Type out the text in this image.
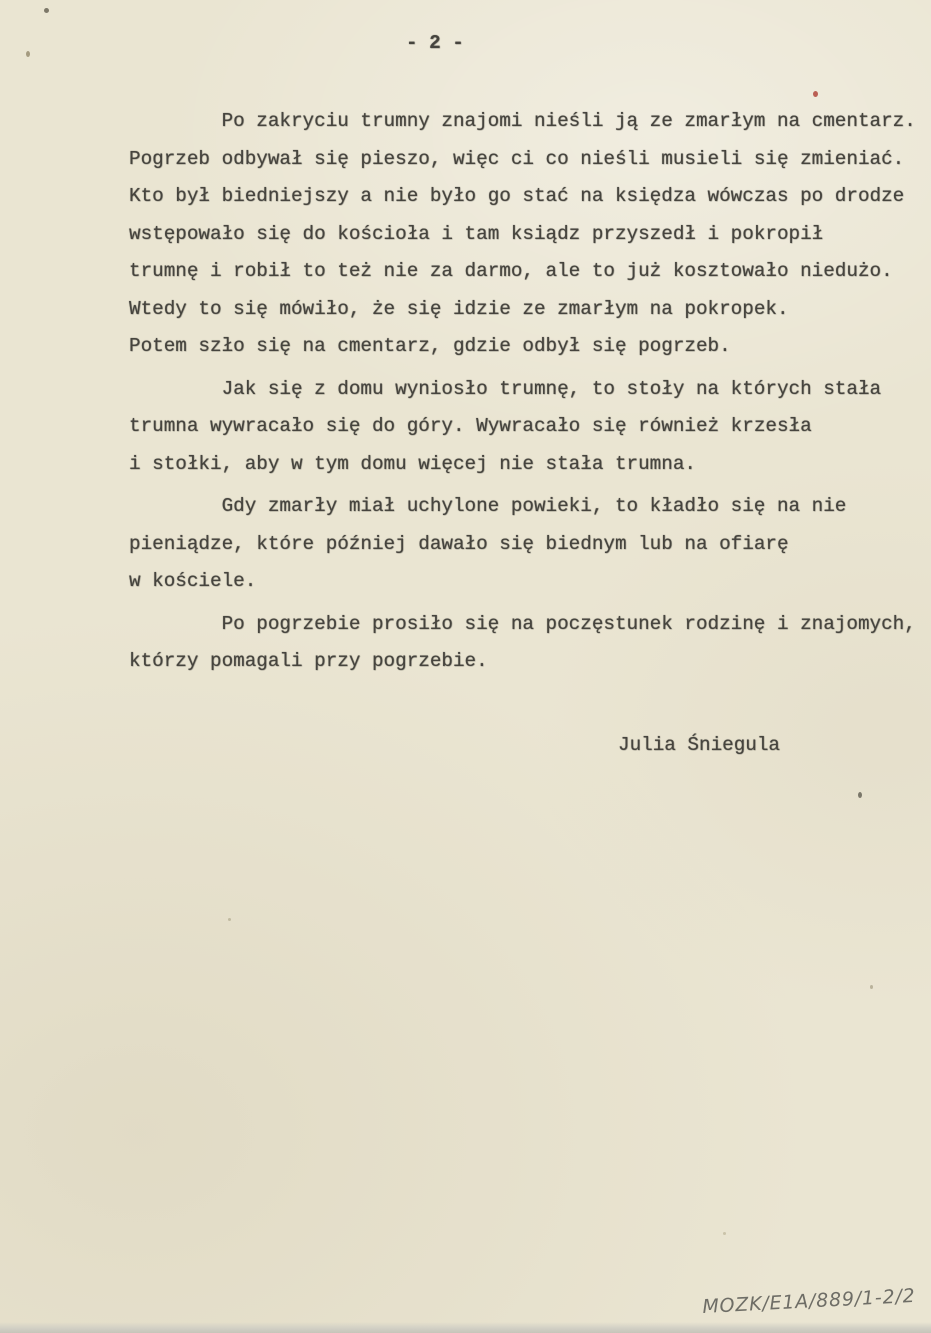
- 2 -
Po zakryciu trumny znajomi nieśli ją ze zmarłym na cmentarz.
Pogrzeb odbywał się pieszo, więc ci co nieśli musieli się zmieniać.
Kto był biedniejszy a nie było go stać na księdza wówczas po drodze
wstępowało się do kościoła i tam ksiądz przyszedł i pokropił
trumnę i robił to też nie za darmo, ale to już kosztowało niedużo.
Wtedy to się mówiło, że się idzie ze zmarłym na pokropek.
Potem szło się na cmentarz, gdzie odbył się pogrzeb.
Jak się z domu wyniosło trumnę, to stoły na których stała
trumna wywracało się do góry. Wywracało się również krzesła
i stołki, aby w tym domu więcej nie stała trumna.
Gdy zmarły miał uchylone powieki, to kładło się na nie
pieniądze, które później dawało się biednym lub na ofiarę
w kościele.
Po pogrzebie prosiło się na poczęstunek rodzinę i znajomych,
którzy pomagali przy pogrzebie.
Julia Śniegula
MOZK/E1A/889/1-2/2
